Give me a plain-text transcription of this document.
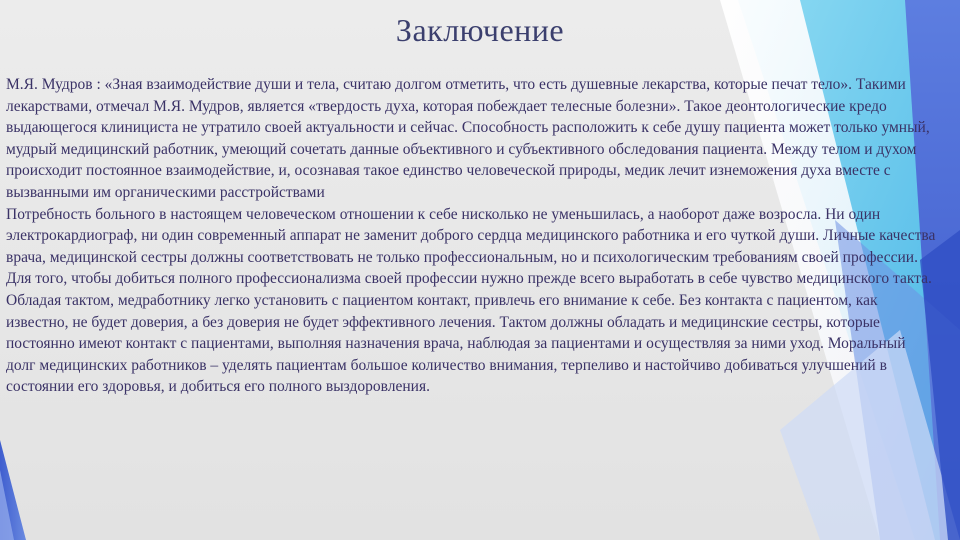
Заключение

М.Я. Мудров : «Зная взаимодействие души и тела, считаю долгом отметить, что есть душевные лекарства, которые печат тело». Такими лекарствами, отмечал М.Я. Мудров, является «твердость духа, которая побеждает телесные болезни». Такое деонтологические кредо выдающегося клинициста не утратило своей актуальности и сейчас. Способность расположить к себе душу пациента может только умный, мудрый медицинский работник, умеющий сочетать данные объективного и субъективного обследования пациента. Между телом и духом происходит постоянное взаимодействие, и, осознавая такое единство человеческой природы, медик лечит изнеможения духа вместе с вызванными им органическими расстройствами

Потребность больного в настоящем человеческом отношении к себе нисколько не уменьшилась, а наоборот даже возросла. Ни один электрокардиограф, ни один современный аппарат не заменит доброго сердца медицинского работника и его чуткой души. Личные качества врача, медицинской сестры должны соответствовать не только профессиональным, но и психологическим требованиям своей профессии. Для того, чтобы добиться полного профессионализма своей профессии нужно прежде всего выработать в себе чувство медицинского такта. Обладая тактом, медработнику легко установить с пациентом контакт, привлечь его внимание к себе. Без контакта с пациентом, как известно, не будет доверия, а без доверия не будет эффективного лечения. Тактом должны обладать и медицинские сестры, которые постоянно имеют контакт с пациентами, выполняя назначения врача, наблюдая за пациентами и осуществляя за ними уход. Моральный долг медицинских работников – уделять пациентам большое количество внимания, терпеливо и настойчиво добиваться улучшений в состоянии его здоровья, и добиться его полного выздоровления.
